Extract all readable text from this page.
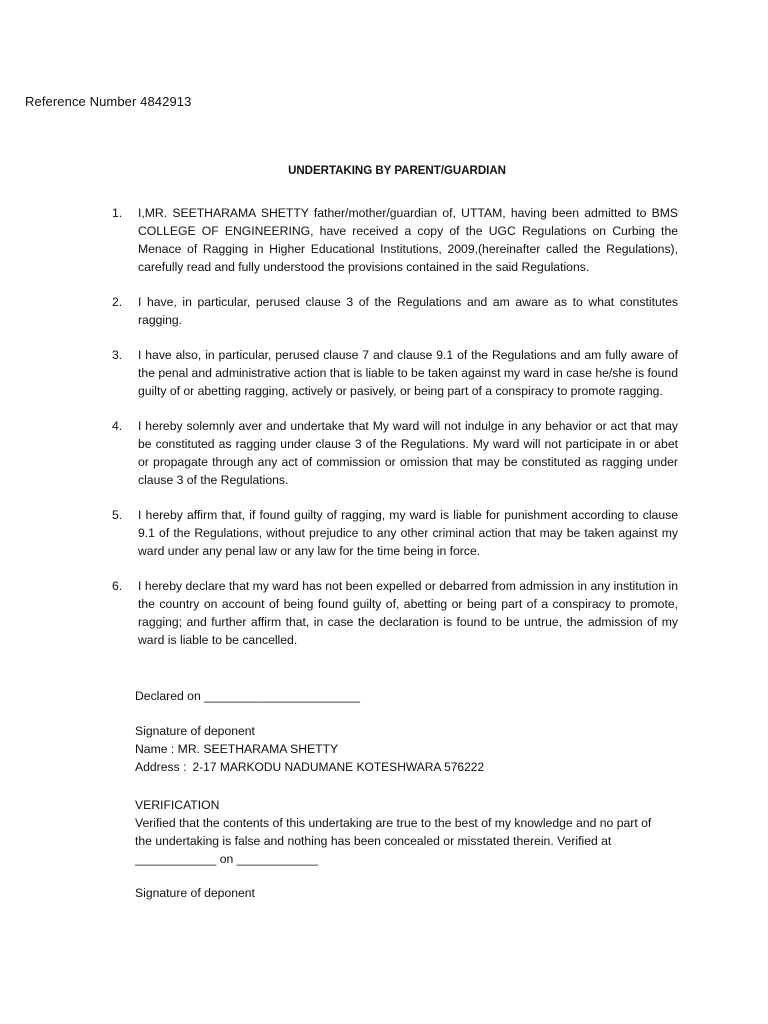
Reference Number 4842913
UNDERTAKING BY PARENT/GUARDIAN
1. I,MR. SEETHARAMA SHETTY father/mother/guardian of, UTTAM, having been admitted to BMS COLLEGE OF ENGINEERING, have received a copy of the UGC Regulations on Curbing the Menace of Ragging in Higher Educational Institutions, 2009,(hereinafter called the Regulations), carefully read and fully understood the provisions contained in the said Regulations.
2. I have, in particular, perused clause 3 of the Regulations and am aware as to what constitutes ragging.
3. I have also, in particular, perused clause 7 and clause 9.1 of the Regulations and am fully aware of the penal and administrative action that is liable to be taken against my ward in case he/she is found guilty of or abetting ragging, actively or pasively, or being part of a conspiracy to promote ragging.
4. I hereby solemnly aver and undertake that My ward will not indulge in any behavior or act that may be constituted as ragging under clause 3 of the Regulations. My ward will not participate in or abet or propagate through any act of commission or omission that may be constituted as ragging under clause 3 of the Regulations.
5. I hereby affirm that, if found guilty of ragging, my ward is liable for punishment according to clause 9.1 of the Regulations, without prejudice to any other criminal action that may be taken against my ward under any penal law or any law for the time being in force.
6. I hereby declare that my ward has not been expelled or debarred from admission in any institution in the country on account of being found guilty of, abetting or being part of a conspiracy to promote, ragging; and further affirm that, in case the declaration is found to be untrue, the admission of my ward is liable to be cancelled.
Declared on _______________________
Signature of deponent
Name : MR. SEETHARAMA SHETTY
Address : 2-17 MARKODU NADUMANE KOTESHWARA 576222
VERIFICATION
Verified that the contents of this undertaking are true to the best of my knowledge and no part of the undertaking is false and nothing has been concealed or misstated therein. Verified at ____________ on ____________
Signature of deponent
